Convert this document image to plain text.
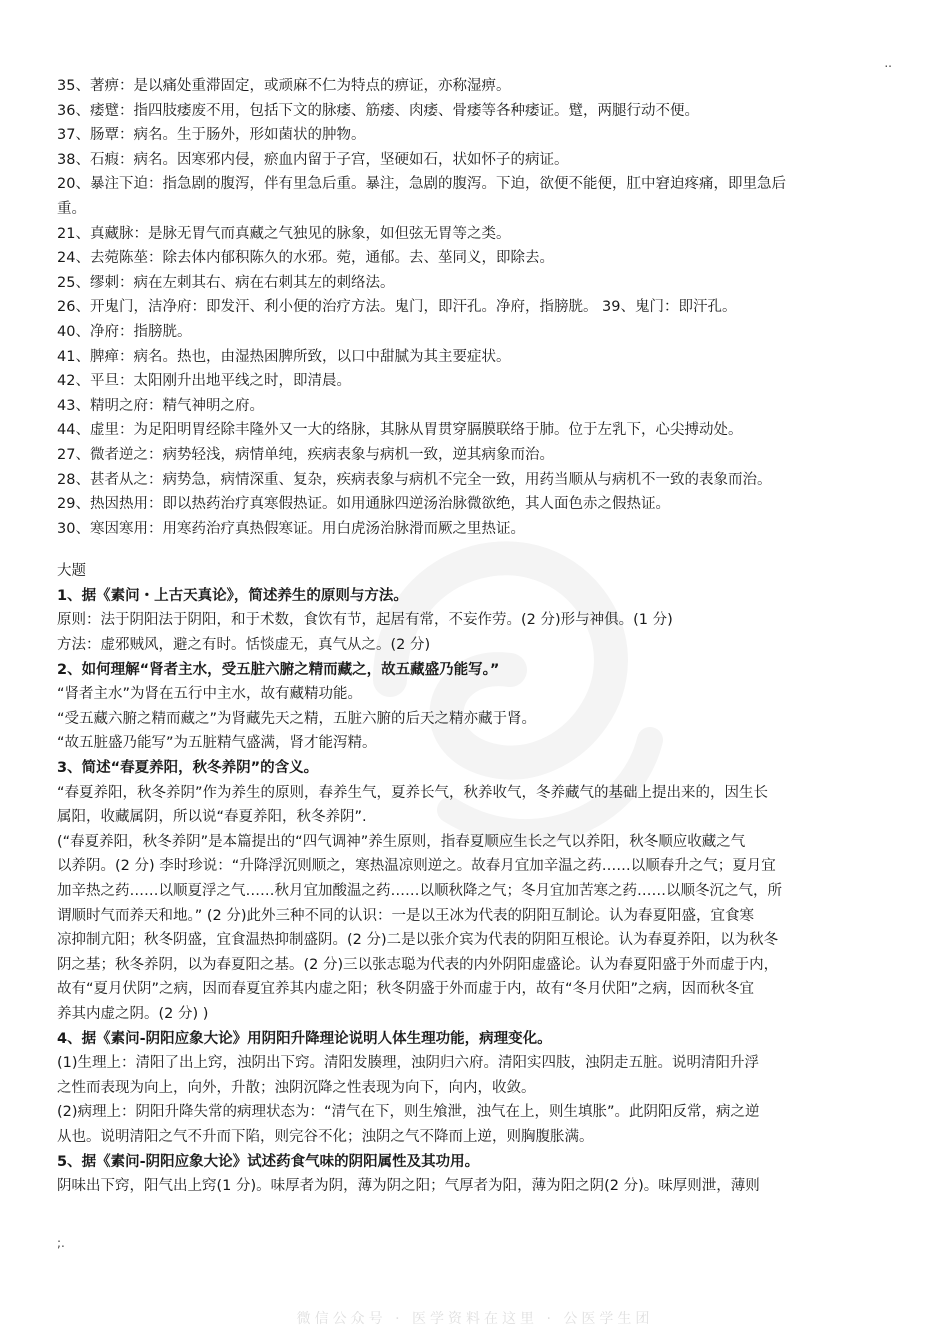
..
35、著痹：是以痛处重滞固定，或顽麻不仁为特点的痹证，亦称湿痹。
36、痿躄：指四肢痿废不用，包括下文的脉痿、筋痿、肉痿、骨痿等各种痿证。躄，两腿行动不便。
37、肠覃：病名。生于肠外，形如菌状的肿物。
38、石瘕：病名。因寒邪内侵，瘀血内留于子宫，坚硬如石，状如怀子的病证。
20、暴注下迫：指急剧的腹泻，伴有里急后重。暴注，急剧的腹泻。下迫，欲便不能便，肛中窘迫疼痛，即里急后
重。
21、真藏脉：是脉无胃气而真藏之气独见的脉象，如但弦无胃等之类。
24、去菀陈莝：除去体内郁积陈久的水邪。菀，通郁。去、莝同义，即除去。
25、缪刺：病在左刺其右、病在右刺其左的刺络法。
26、开鬼门，洁净府：即发汗、利小便的治疗方法。鬼门，即汗孔。净府，指膀胱。 39、鬼门：即汗孔。
40、净府：指膀胱。
41、脾瘅：病名。热也，由湿热困脾所致，以口中甜腻为其主要症状。
42、平旦：太阳刚升出地平线之时，即清晨。
43、精明之府：精气神明之府。
44、虚里：为足阳明胃经除丰隆外又一大的络脉，其脉从胃贯穿膈膜联络于肺。位于左乳下，心尖搏动处。
27、微者逆之：病势轻浅，病情单纯，疾病表象与病机一致，逆其病象而治。
28、甚者从之：病势急，病情深重、复杂，疾病表象与病机不完全一致，用药当顺从与病机不一致的表象而治。
29、热因热用：即以热药治疗真寒假热证。如用通脉四逆汤治脉微欲绝，其人面色赤之假热证。
30、寒因寒用：用寒药治疗真热假寒证。用白虎汤治脉滑而厥之里热证。
大题
1、据《素问・上古天真论》，简述养生的原则与方法。
原则：法于阴阳法于阴阳，和于术数，食饮有节，起居有常，不妄作劳。(2 分)形与神俱。(1 分)
方法：虚邪贼风，避之有时。恬惔虚无，真气从之。(2 分)
2、如何理解“肾者主水，受五脏六腑之精而藏之，故五藏盛乃能写。”
“肾者主水”为肾在五行中主水，故有藏精功能。
“受五藏六腑之精而藏之”为肾藏先天之精，五脏六腑的后天之精亦藏于肾。
“故五脏盛乃能写”为五脏精气盛满，肾才能泻精。
3、简述“春夏养阳，秋冬养阴”的含义。
“春夏养阳，秋冬养阴”作为养生的原则，春养生气，夏养长气，秋养收气，冬养藏气的基础上提出来的，因生长
属阳，收藏属阴，所以说“春夏养阳，秋冬养阴”.
(“春夏养阳，秋冬养阴”是本篇提出的“四气调神”养生原则，指春夏顺应生长之气以养阳，秋冬顺应收藏之气
以养阴。(2 分) 李时珍说：“升降浮沉则顺之，寒热温凉则逆之。故春月宜加辛温之药……以顺春升之气；夏月宜
加辛热之药……以顺夏浮之气……秋月宜加酸温之药……以顺秋降之气；冬月宜加苦寒之药……以顺冬沉之气，所
谓顺时气而养天和地。” (2 分)此外三种不同的认识：一是以王冰为代表的阴阳互制论。认为春夏阳盛，宜食寒
凉抑制亢阳；秋冬阴盛，宜食温热抑制盛阴。(2 分)二是以张介宾为代表的阴阳互根论。认为春夏养阳，以为秋冬
阴之基；秋冬养阴，以为春夏阳之基。(2 分)三以张志聪为代表的内外阴阳虚盛论。认为春夏阳盛于外而虚于内，
故有“夏月伏阴”之病，因而春夏宜养其内虚之阳；秋冬阴盛于外而虚于内，故有“冬月伏阳”之病，因而秋冬宜
养其内虚之阴。(2 分) )
4、据《素问-阴阳应象大论》用阴阳升降理论说明人体生理功能，病理变化。
(1)生理上：清阳了出上窍，浊阴出下窍。清阳发腠理，浊阴归六府。清阳实四肢，浊阴走五脏。说明清阳升浮
之性而表现为向上，向外，升散；浊阴沉降之性表现为向下，向内，收敛。
(2)病理上：阴阳升降失常的病理状态为：“清气在下，则生飧泄，浊气在上，则生填胀”。此阴阳反常，病之逆
从也。说明清阳之气不升而下陷，则完谷不化；浊阴之气不降而上逆，则胸腹胀满。
5、据《素问-阴阳应象大论》试述药食气味的阴阳属性及其功用。
阴味出下窍，阳气出上窍(1 分)。味厚者为阴，薄为阴之阳；气厚者为阳，薄为阳之阴(2 分)。味厚则泄，薄则
;.
微信公众号 · 医学资料在这里 · 公医学生团
